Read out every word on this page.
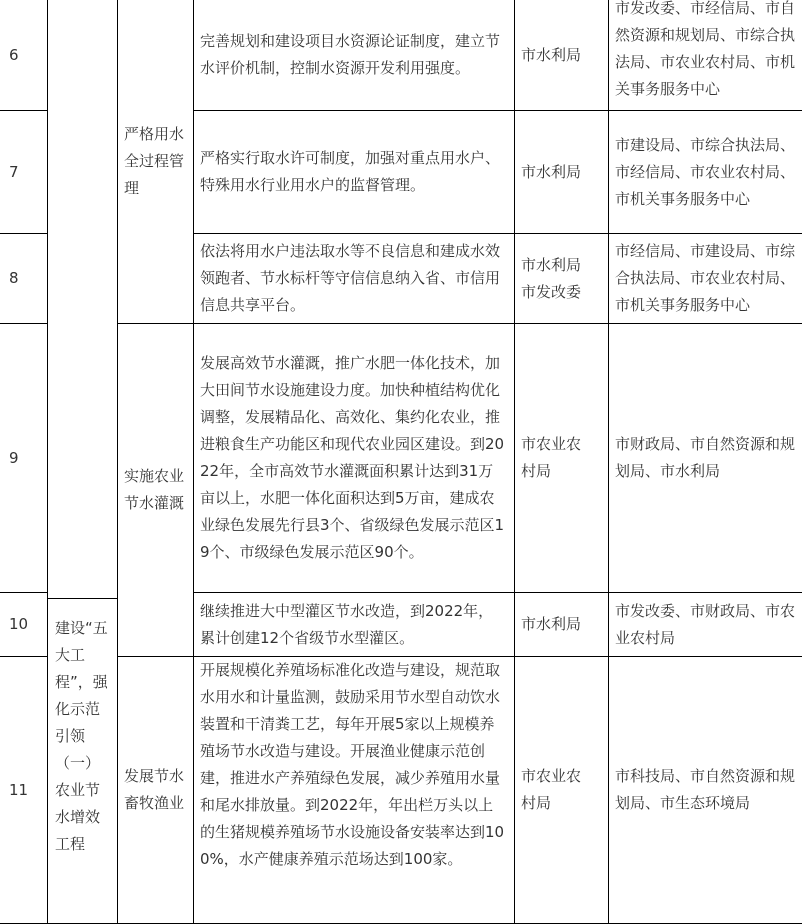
建设“五大工程”，强化示范引领（一）农业节水增效工程
严格用水全过程管理
实施农业节水灌溉
发展节水畜牧渔业
6
完善规划和建设项目水资源论证制度，建立节水评价机制，控制水资源开发利用强度。
市水利局
市发改委、市经信局、市自然资源和规划局、市综合执法局、市农业农村局、市机关事务服务中心
7
严格实行取水许可制度，加强对重点用水户、特殊用水行业用水户的监督管理。
市水利局
市建设局、市综合执法局、市经信局、市农业农村局、市机关事务服务中心
8
依法将用水户违法取水等不良信息和建成水效领跑者、节水标杆等守信信息纳入省、市信用信息共享平台。
市水利局市发改委
市经信局、市建设局、市综合执法局、市农业农村局、市机关事务服务中心
9
发展高效节水灌溉，推广水肥一体化技术，加大田间节水设施建设力度。加快种植结构优化调整，发展精品化、高效化、集约化农业，推进粮食生产功能区和现代农业园区建设。到2022年，全市高效节水灌溉面积累计达到31万亩以上，水肥一体化面积达到5万亩，建成农业绿色发展先行县3个、省级绿色发展示范区19个、市级绿色发展示范区90个。
市农业农村局
市财政局、市自然资源和规划局、市水利局
10
继续推进大中型灌区节水改造，到2022年，累计创建12个省级节水型灌区。
市水利局
市发改委、市财政局、市农业农村局
11
开展规模化养殖场标准化改造与建设，规范取水用水和计量监测，鼓励采用节水型自动饮水装置和干清粪工艺，每年开展5家以上规模养殖场节水改造与建设。开展渔业健康示范创建，推进水产养殖绿色发展，减少养殖用水量和尾水排放量。到2022年，年出栏万头以上的生猪规模养殖场节水设施设备安装率达到100%，水产健康养殖示范场达到100家。
市农业农村局
市科技局、市自然资源和规划局、市生态环境局
